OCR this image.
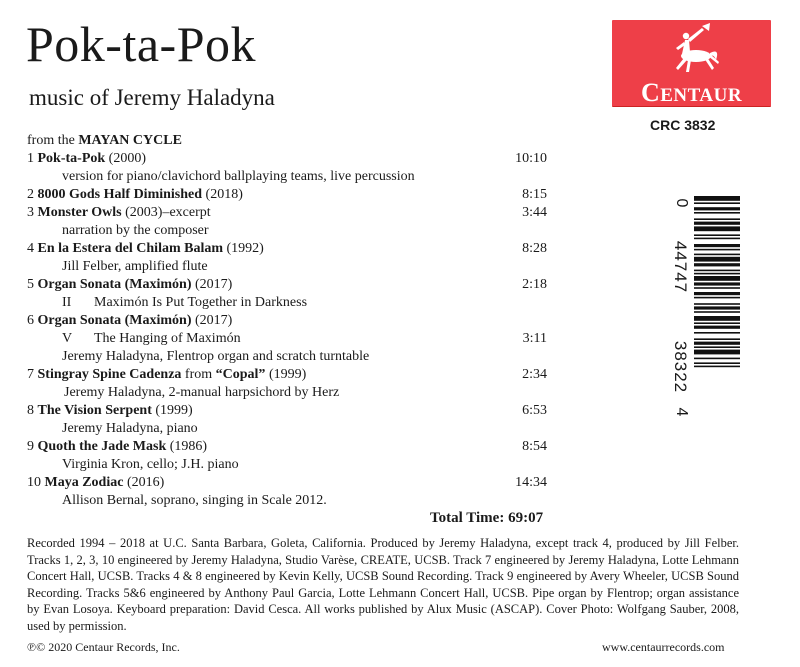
Pok-ta-Pok
music of Jeremy Haladyna	CENTAUR
CRC 3832
0
44747
38322
4
from the MAYAN CYCLE
1 Pok-ta-Pok (2000)	10:10
version for piano/clavichord ballplaying teams, live percussion
2 8000 Gods Half Diminished (2018)	8:15
3 Monster Owls (2003)–excerpt	3:44
narration by the composer
4 En la Estera del Chilam Balam (1992)	8:28
Jill Felber, amplified flute
5 Organ Sonata (Maximón) (2017)	2:18
II Maximón Is Put Together in Darkness
6 Organ Sonata (Maximón) (2017)
V The Hanging of Maximón	3:11
Jeremy Haladyna, Flentrop organ and scratch turntable
7 Stingray Spine Cadenza from “Copal” (1999)	2:34
Jeremy Haladyna, 2-manual harpsichord by Herz
8 The Vision Serpent (1999)	6:53
Jeremy Haladyna, piano
9 Quoth the Jade Mask (1986)	8:54
Virginia Kron, cello; J.H. piano
10 Maya Zodiac (2016)	14:34
Allison Bernal, soprano, singing in Scale 2012.
Total Time: 69:07
Recorded 1994 – 2018 at U.C. Santa Barbara, Goleta, California. Produced by Jeremy Haladyna, except track 4, produced by Jill Felber. Tracks 1, 2, 3, 10 engineered by Jeremy Haladyna, Studio Varèse, CREATE, UCSB. Track 7 engineered by Jeremy Haladyna, Lotte Lehmann Concert Hall, UCSB. Tracks 4 & 8 engineered by Kevin Kelly, UCSB Sound Recording. Track 9 engineered by Avery Wheeler, UCSB Sound Recording. Tracks 5&6 engineered by Anthony Paul Garcia, Lotte Lehmann Concert Hall, UCSB. Pipe organ by Flentrop; organ assistance by Evan Losoya. Keyboard preparation: David Cesca. All works published by Alux Music (ASCAP). Cover Photo: Wolfgang Sauber, 2008, used by permission.
℗© 2020 Centaur Records, Inc.	www.centaurrecords.com
